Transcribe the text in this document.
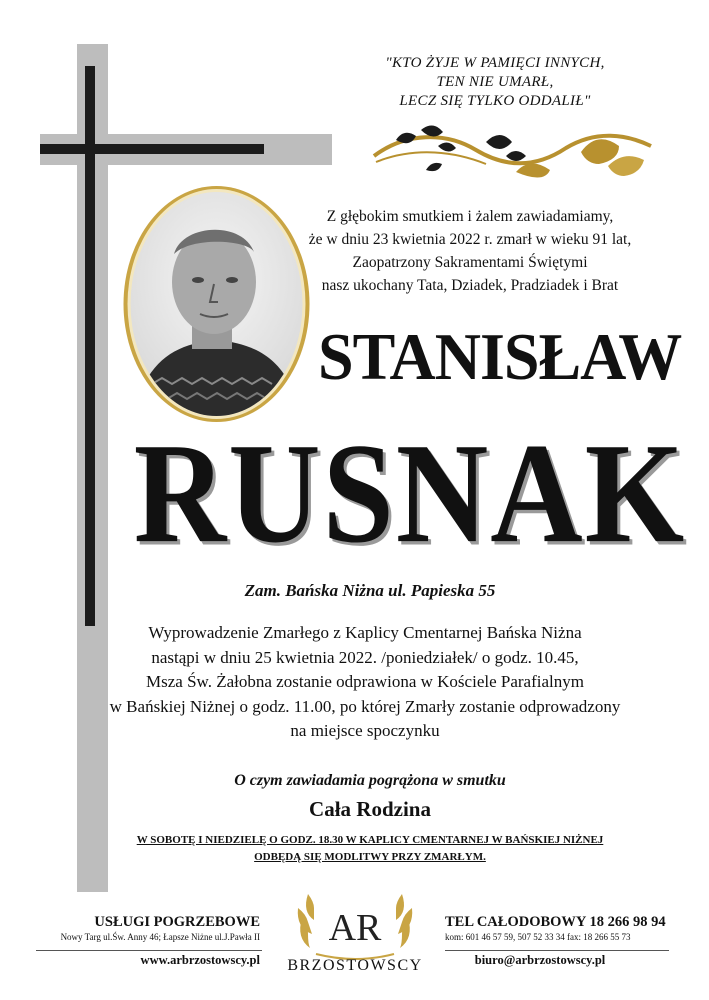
"KTO ŻYJE W PAMIĘCI INNYCH,
TEN NIE UMARŁ,
LECZ SIĘ TYLKO ODDALIŁ"
Z głębokim smutkiem i żalem zawiadamiamy,
że w dniu 23 kwietnia 2022 r. zmarł w wieku 91 lat,
Zaopatrzony Sakramentami Świętymi
nasz ukochany Tata, Dziadek, Pradziadek i Brat
STANISŁAW
RUSNAK
Zam. Bańska Niżna ul. Papieska 55
Wyprowadzenie Zmarłego z Kaplicy Cmentarnej Bańska Niżna
nastąpi w dniu 25 kwietnia 2022. /poniedziałek/ o godz. 10.45,
Msza Św. Żałobna zostanie odprawiona w Kościele Parafialnym
w Bańskiej Niżnej o godz. 11.00, po której Zmarły zostanie odprowadzony
na miejsce spoczynku
O czym zawiadamia pogrążona w smutku
Cała Rodzina
W SOBOTĘ I NIEDZIELĘ O GODZ. 18.30 W KAPLICY CMENTARNEJ W BAŃSKIEJ NIŻNEJ
ODBĘDĄ SIĘ MODLITWY PRZY ZMARŁYM.
USŁUGI POGRZEBOWE
Nowy Targ ul.Św. Anny 46; Łapsze Niżne ul.J.Pawła II
www.arbrzostowscy.pl
AR
BRZOSTOWSCY
TEL CAŁODOBOWY 18 266 98 94
kom: 601 46 57 59, 507 52 33 34 fax: 18 266 55 73
biuro@arbrzostowscy.pl
